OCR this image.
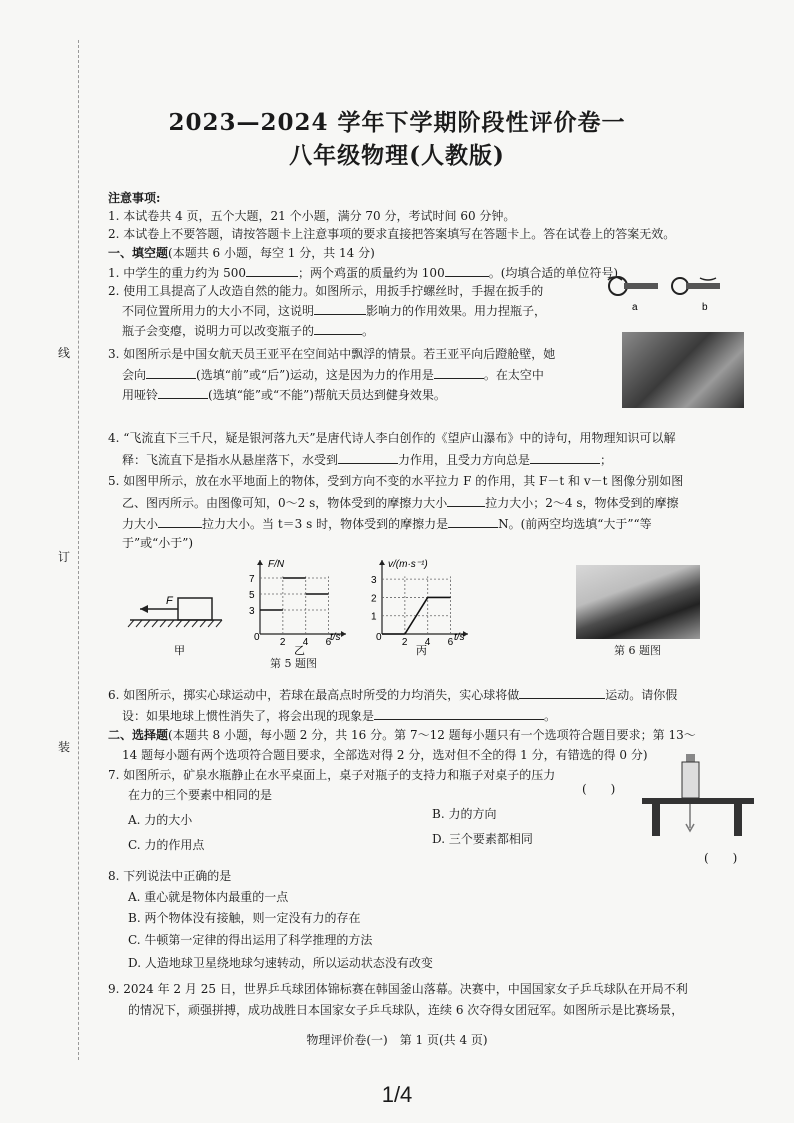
线
订
装
2023—2024 学年下学期阶段性评价卷一
八年级物理(人教版)
注意事项:
1. 本试卷共 4 页，五个大题，21 个小题，满分 70 分，考试时间 60 分钟。
2. 本试卷上不要答题，请按答题卡上注意事项的要求直接把答案填写在答题卡上。答在试卷上的答案无效。
一、填空题(本题共 6 小题，每空 1 分，共 14 分)
1. 中学生的重力约为 500	；两个鸡蛋的质量约为 100	。(均填合适的单位符号)
2. 使用工具提高了人改造自然的能力。如图所示，用扳手拧螺丝时，手握在扳手的
不同位置所用力的大小不同，这说明	影响力的作用效果。用力捏瓶子，
瓶子会变瘪，说明力可以改变瓶子的	。
a	b
3. 如图所示是中国女航天员王亚平在空间站中飘浮的情景。若王亚平向后蹬舱壁，她
会向	(选填“前”或“后”)运动，这是因为力的作用是	。在太空中
用哑铃	(选填“能”或“不能”)帮航天员达到健身效果。
4. “飞流直下三千尺，疑是银河落九天”是唐代诗人李白创作的《望庐山瀑布》中的诗句，用物理知识可以解
释：飞流直下是指水从悬崖落下，水受到	力作用，且受力方向总是	；
5. 如图甲所示，放在水平地面上的物体，受到方向不变的水平拉力 F 的作用，其 F－t 和 v－t 图像分别如图
乙、图丙所示。由图像可知，0～2 s，物体受到的摩擦力大小	拉力大小；2～4 s，物体受到的摩擦
力大小	拉力大小。当 t＝3 s 时，物体受到的摩擦力是	N。(前两空均选填“大于”“等
于”或“小于”)
F
甲
2 4 6
3
5
7
F/N
t/s
0
乙
2 4 6
1
2
3
v/(m·s⁻¹)
t/s
0
丙
第 5 题图
第 6 题图
6. 如图所示，掷实心球运动中，若球在最高点时所受的力均消失，实心球将做	运动。请你假
设：如果地球上惯性消失了，将会出现的现象是	。
二、选择题(本题共 8 小题，每小题 2 分，共 16 分。第 7～12 题每小题只有一个选项符合题目要求；第 13～
14 题每小题有两个选项符合题目要求，全部选对得 2 分，选对但不全的得 1 分，有错选的得 0 分)
7. 如图所示，矿泉水瓶静止在水平桌面上，桌子对瓶子的支持力和瓶子对桌子的压力
在力的三个要素中相同的是	(　　)
A. 力的大小	B. 力的方向
C. 力的作用点	D. 三个要素都相同
8. 下列说法中正确的是
(　　)
A. 重心就是物体内最重的一点
B. 两个物体没有接触，则一定没有力的存在
C. 牛顿第一定律的得出运用了科学推理的方法
D. 人造地球卫星绕地球匀速转动，所以运动状态没有改变
9. 2024 年 2 月 25 日，世界乒乓球团体锦标赛在韩国釜山落幕。决赛中，中国国家女子乒乓球队在开局不利
的情况下，顽强拼搏，成功战胜日本国家女子乒乓球队，连续 6 次夺得女团冠军。如图所示是比赛场景，
物理评价卷(一)　第 1 页(共 4 页)
1/4
